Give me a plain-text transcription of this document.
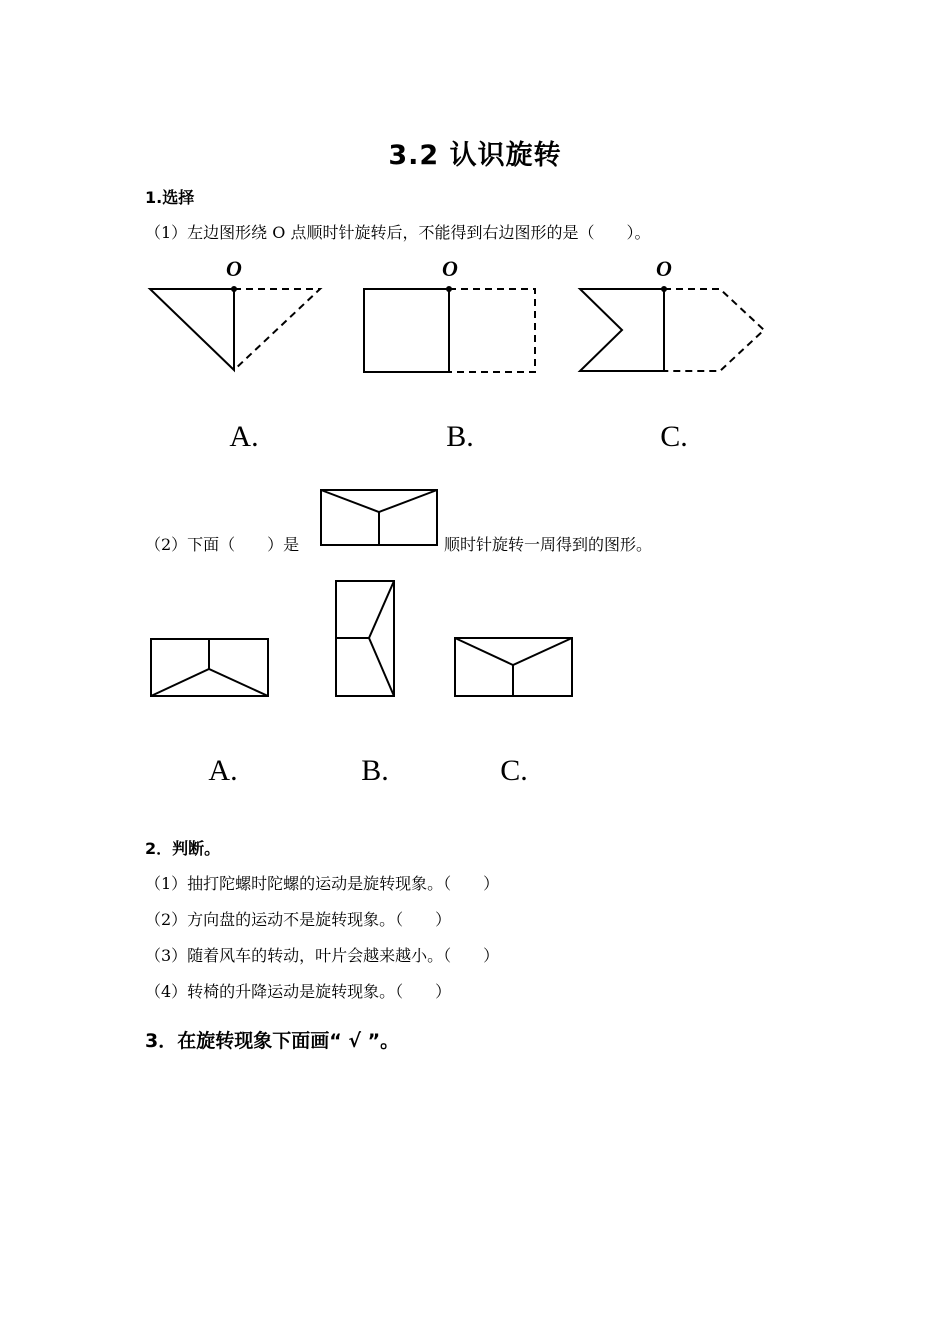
3.2 认识旋转
1.选择
（1）左边图形绕 O 点顺时针旋转后，不能得到右边图形的是（　　）。
O	O	O
A.	B.	C.
（2）下面（　　）是	顺时针旋转一周得到的图形。
A.	B.	C.
2．判断。
（1）抽打陀螺时陀螺的运动是旋转现象。（　　）
（2）方向盘的运动不是旋转现象。（　　）
（3）随着风车的转动，叶片会越来越小。（　　）
（4）转椅的升降运动是旋转现象。（　　）
3．在旋转现象下面画“ √ ”。
